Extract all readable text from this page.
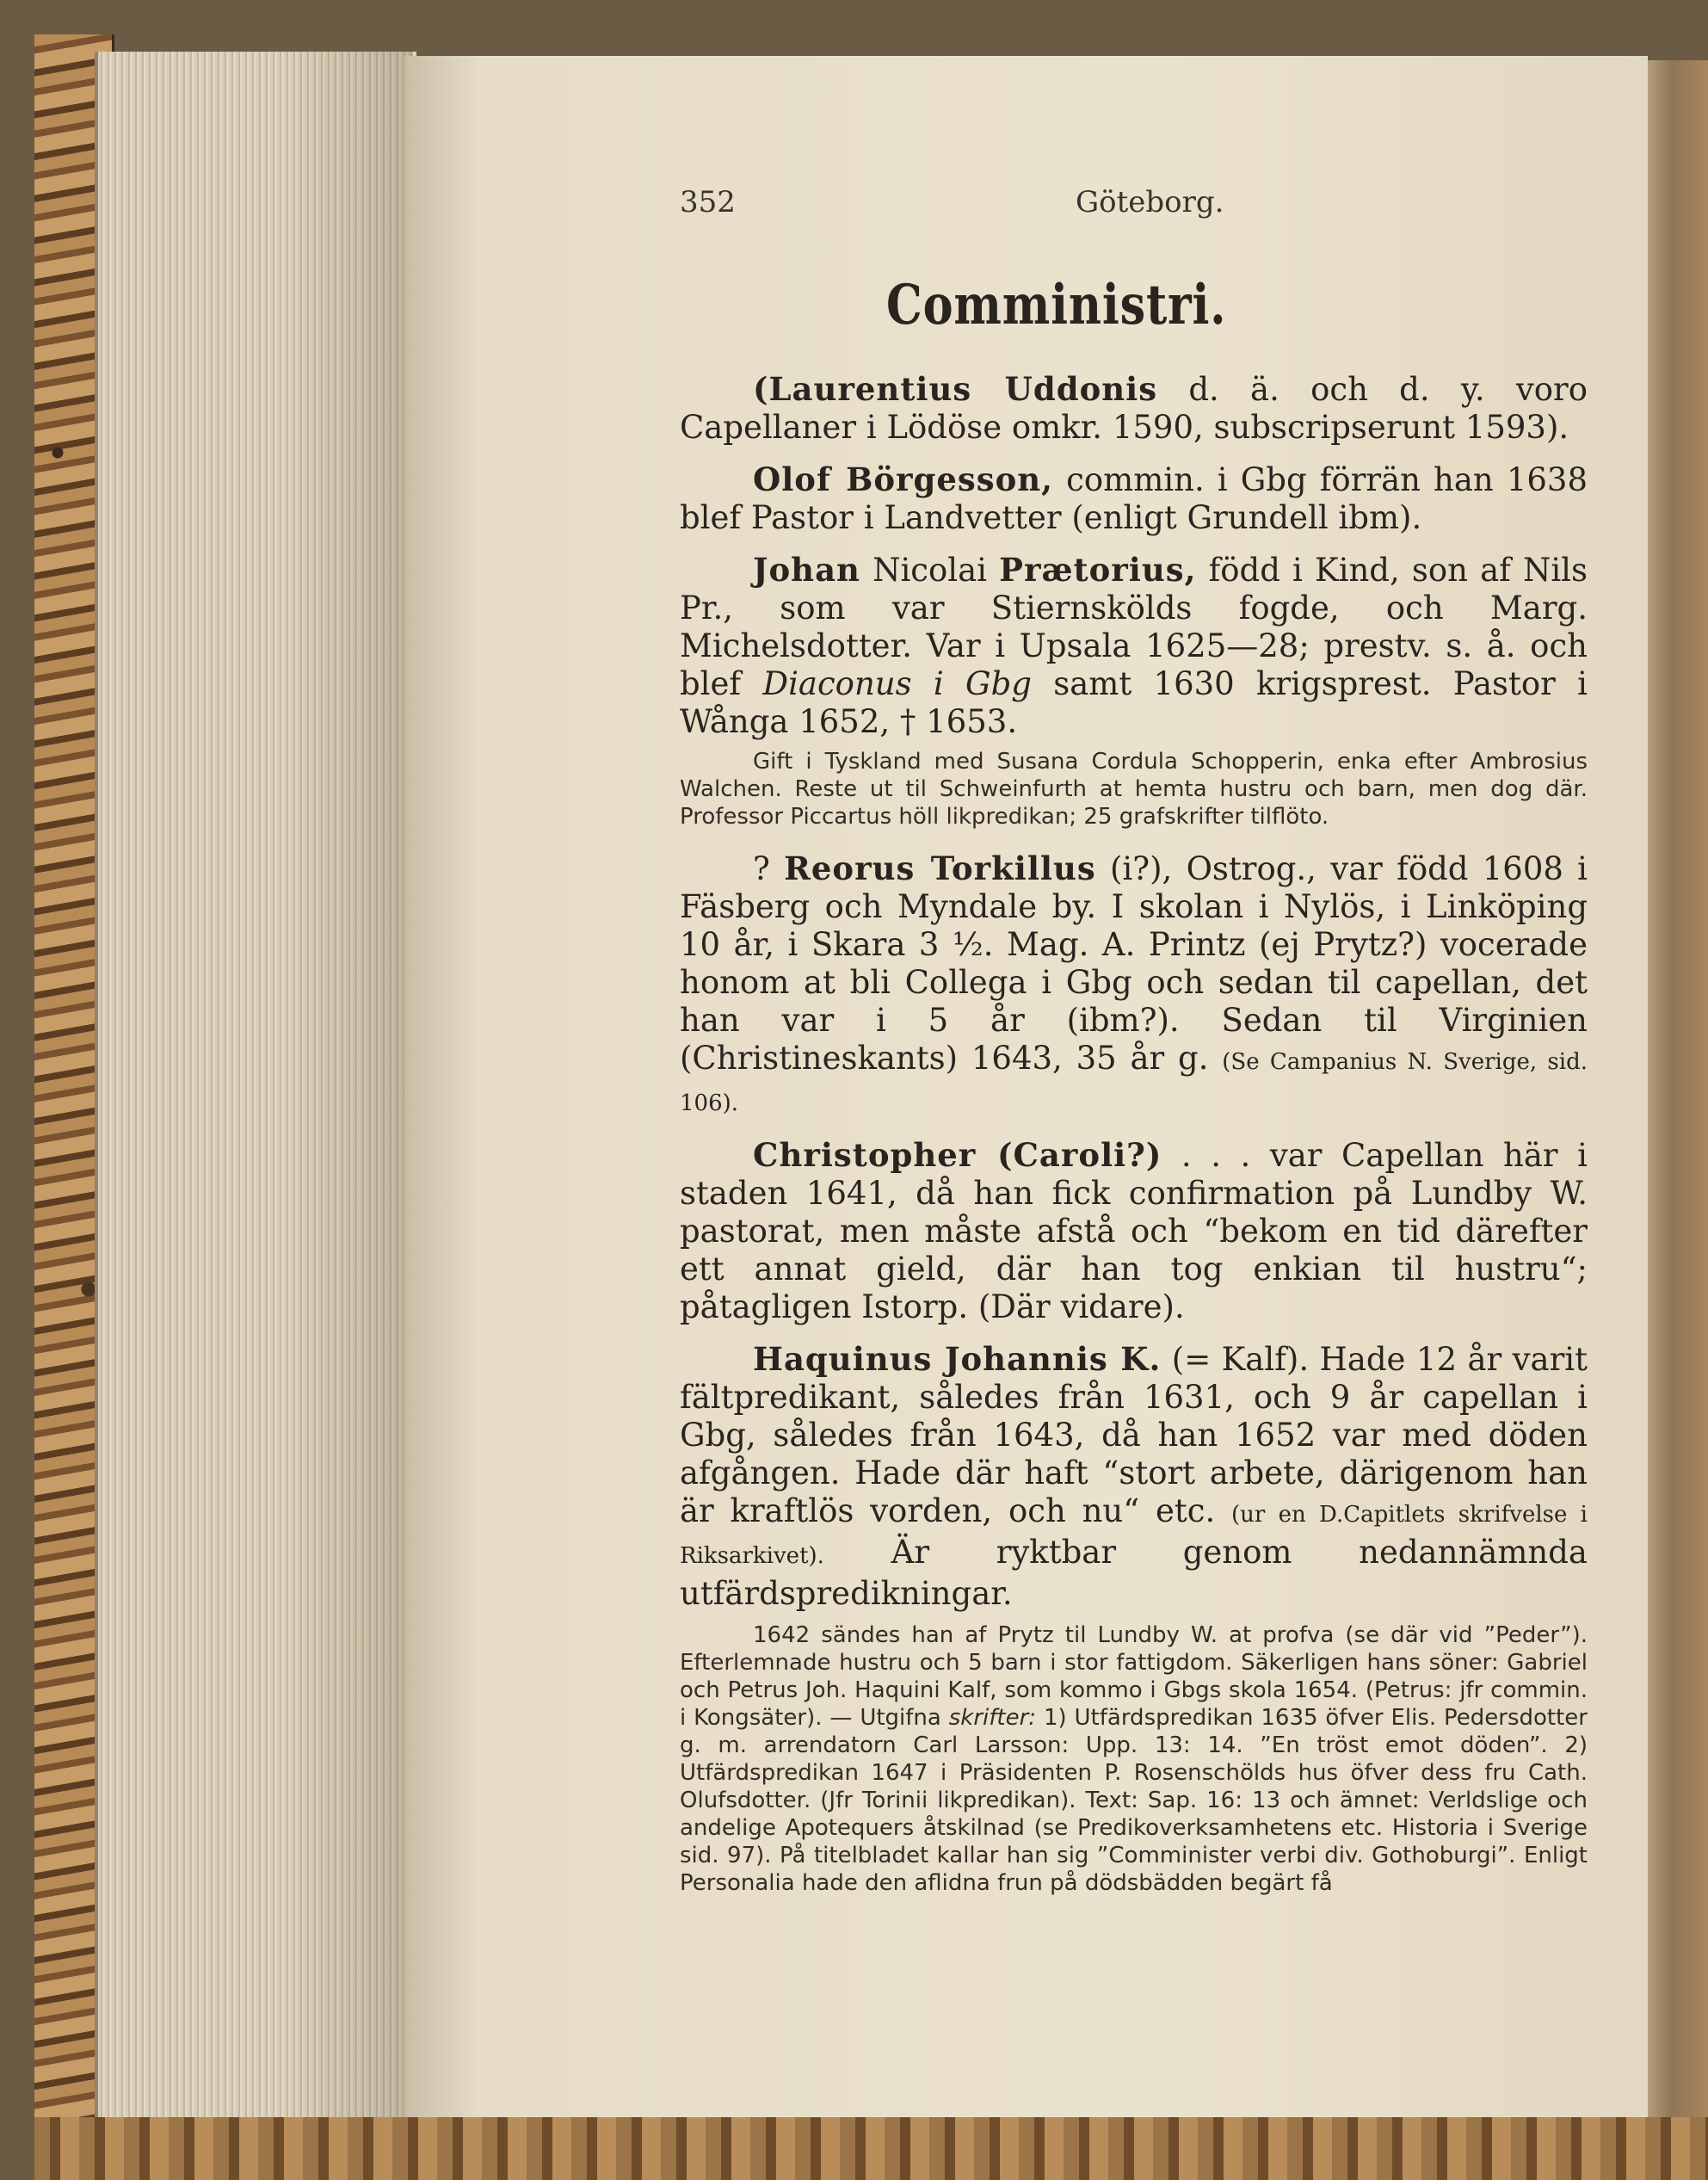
352	Göteborg.
Comministri.

(Laurentius Uddonis d. ä. och d. y. voro Capellaner i Lödöse omkr. 1590, subscripserunt 1593).

Olof Börgesson, commin. i Gbg förrän han 1638 blef Pastor i Landvetter (enligt Grundell ibm).

Johan Nicolai Prætorius, född i Kind, son af Nils Pr., som var Stiernskölds fogde, och Marg. Michelsdotter. Var i Upsala 1625—28; prestv. s. å. och blef Diaconus i Gbg samt 1630 krigsprest. Pastor i Wånga 1652, † 1653.

Gift i Tyskland med Susana Cordula Schopperin, enka efter Ambrosius Walchen. Reste ut til Schweinfurth at hemta hustru och barn, men dog där. Professor Piccartus höll likpredikan; 25 grafskrifter tilflöto.

? Reorus Torkillus (i?), Ostrog., var född 1608 i Fäsberg och Myndale by. I skolan i Nylös, i Linköping 10 år, i Skara 3 ½. Mag. A. Printz (ej Prytz?) vocerade honom at bli Collega i Gbg och sedan til capellan, det han var i 5 år (ibm?). Sedan til Virginien (Christineskants) 1643, 35 år g. (Se Campanius N. Sverige, sid. 106).

Christopher (Caroli?) . . . var Capellan här i staden 1641, då han fick confirmation på Lundby W. pastorat, men måste afstå och “bekom en tid därefter ett annat gield, där han tog enkian til hustru“; påtagligen Istorp. (Där vidare).

Haquinus Johannis K. (= Kalf). Hade 12 år varit fältpredikant, således från 1631, och 9 år capellan i Gbg, således från 1643, då han 1652 var med döden afgången. Hade där haft “stort arbete, därigenom han är kraftlös vorden, och nu“ etc. (ur en D.Capitlets skrifvelse i Riksarkivet). Är ryktbar genom nedannämnda utfärdspredikningar.

1642 sändes han af Prytz til Lundby W. at profva (se där vid ”Peder”). Efterlemnade hustru och 5 barn i stor fattigdom. Säkerligen hans söner: Gabriel och Petrus Joh. Haquini Kalf, som kommo i Gbgs skola 1654. (Petrus: jfr commin. i Kongsäter). — Utgifna skrifter: 1) Utfärdspredikan 1635 öfver Elis. Pedersdotter g. m. arrendatorn Carl Larsson: Upp. 13: 14. ”En tröst emot döden”. 2) Utfärdspredikan 1647 i Präsidenten P. Rosenschölds hus öfver dess fru Cath. Olufsdotter. (Jfr Torinii likpredikan). Text: Sap. 16: 13 och ämnet: Verldslige och andelige Apotequers åtskilnad (se Predikoverksamhetens etc. Historia i Sverige sid. 97). På titelbladet kallar han sig ”Comminister verbi div. Gothoburgi”. Enligt Personalia hade den aflidna frun på dödsbädden begärt få
